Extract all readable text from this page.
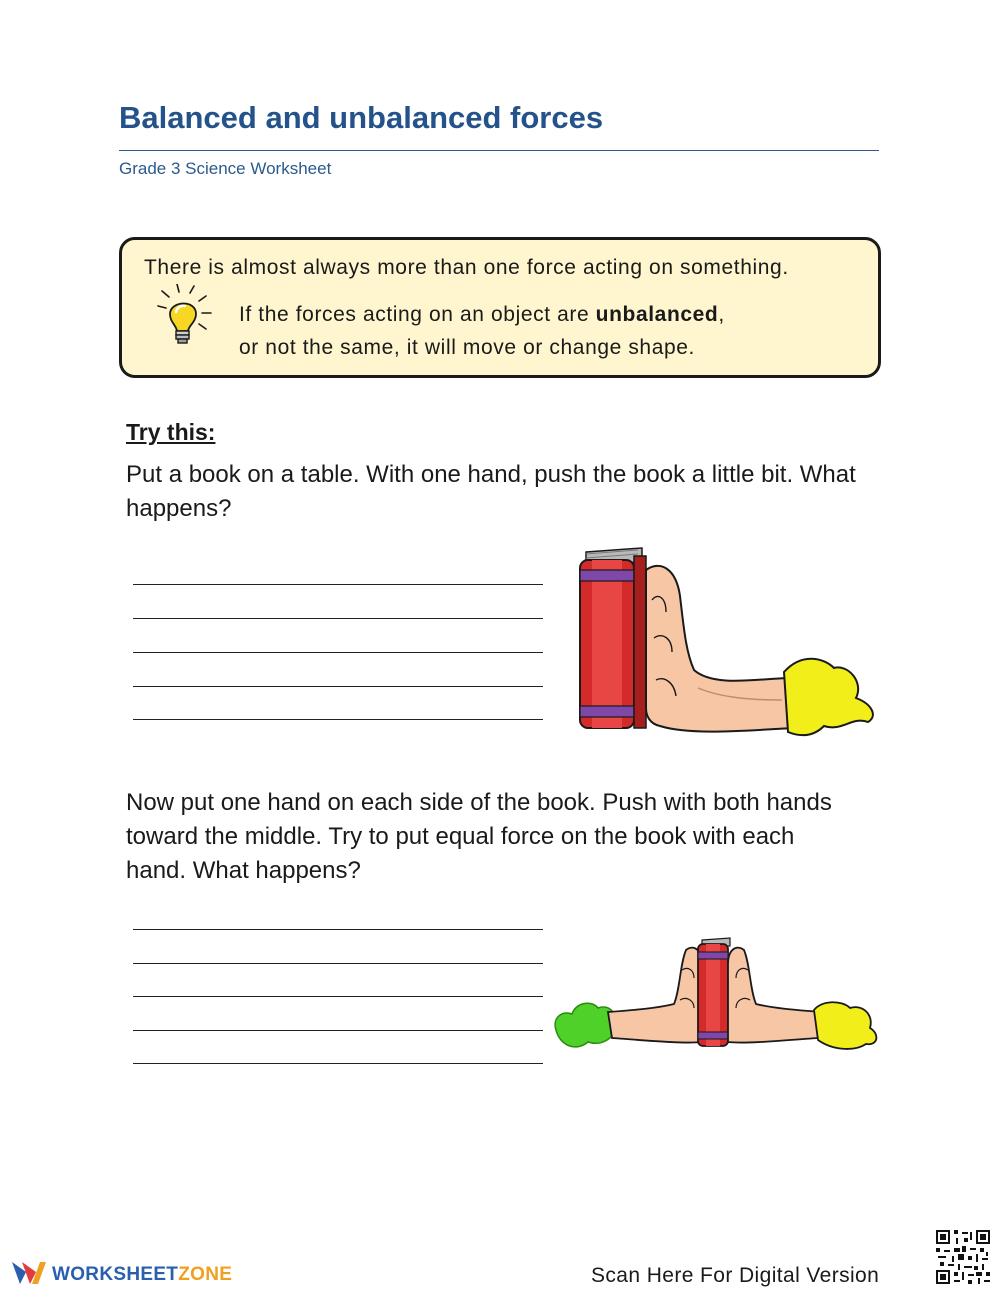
Balanced and unbalanced forces
Grade 3 Science Worksheet
There is almost always more than one force acting on something.
If the forces acting on an object are unbalanced,
or not the same, it will move or change shape.
Try this:

Put a book on a table. With one hand, push the book a little bit. What happens?

Now put one hand on each side of the book. Push with both hands toward the middle. Try to put equal force on the book with each hand. What happens?

WORKSHEETZONE	Scan Here For Digital Version
